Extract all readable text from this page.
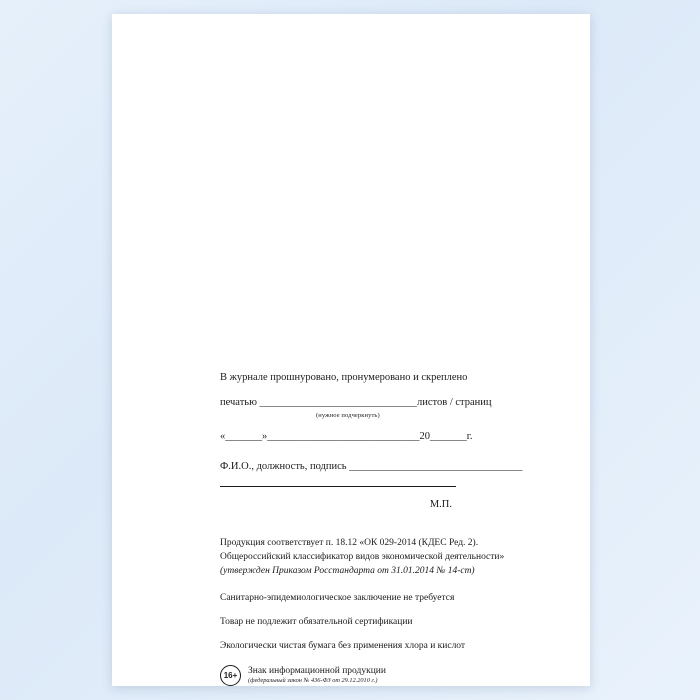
В журнале прошнуровано, пронумеровано и скреплено
печатью ______________________________листов / страниц
(нужное подчеркнуть)
«_______»_____________________________20_______г.
Ф.И.О., должность, подпись _________________________________
М.П.
Продукция соответствует п. 18.12 «ОК 029-2014 (КДЕС Ред. 2).
Общероссийский классификатор видов экономической деятельности»
(утвержден Приказом Росстандарта от 31.01.2014 № 14-ст)
Санитарно-эпидемиологическое заключение не требуется
Товар не подлежит обязательной сертификации
Экологически чистая бумага без применения хлора и кислот
16+	Знак информационной продукции
(федеральный закон № 436-ФЗ от 29.12.2010 г.)
